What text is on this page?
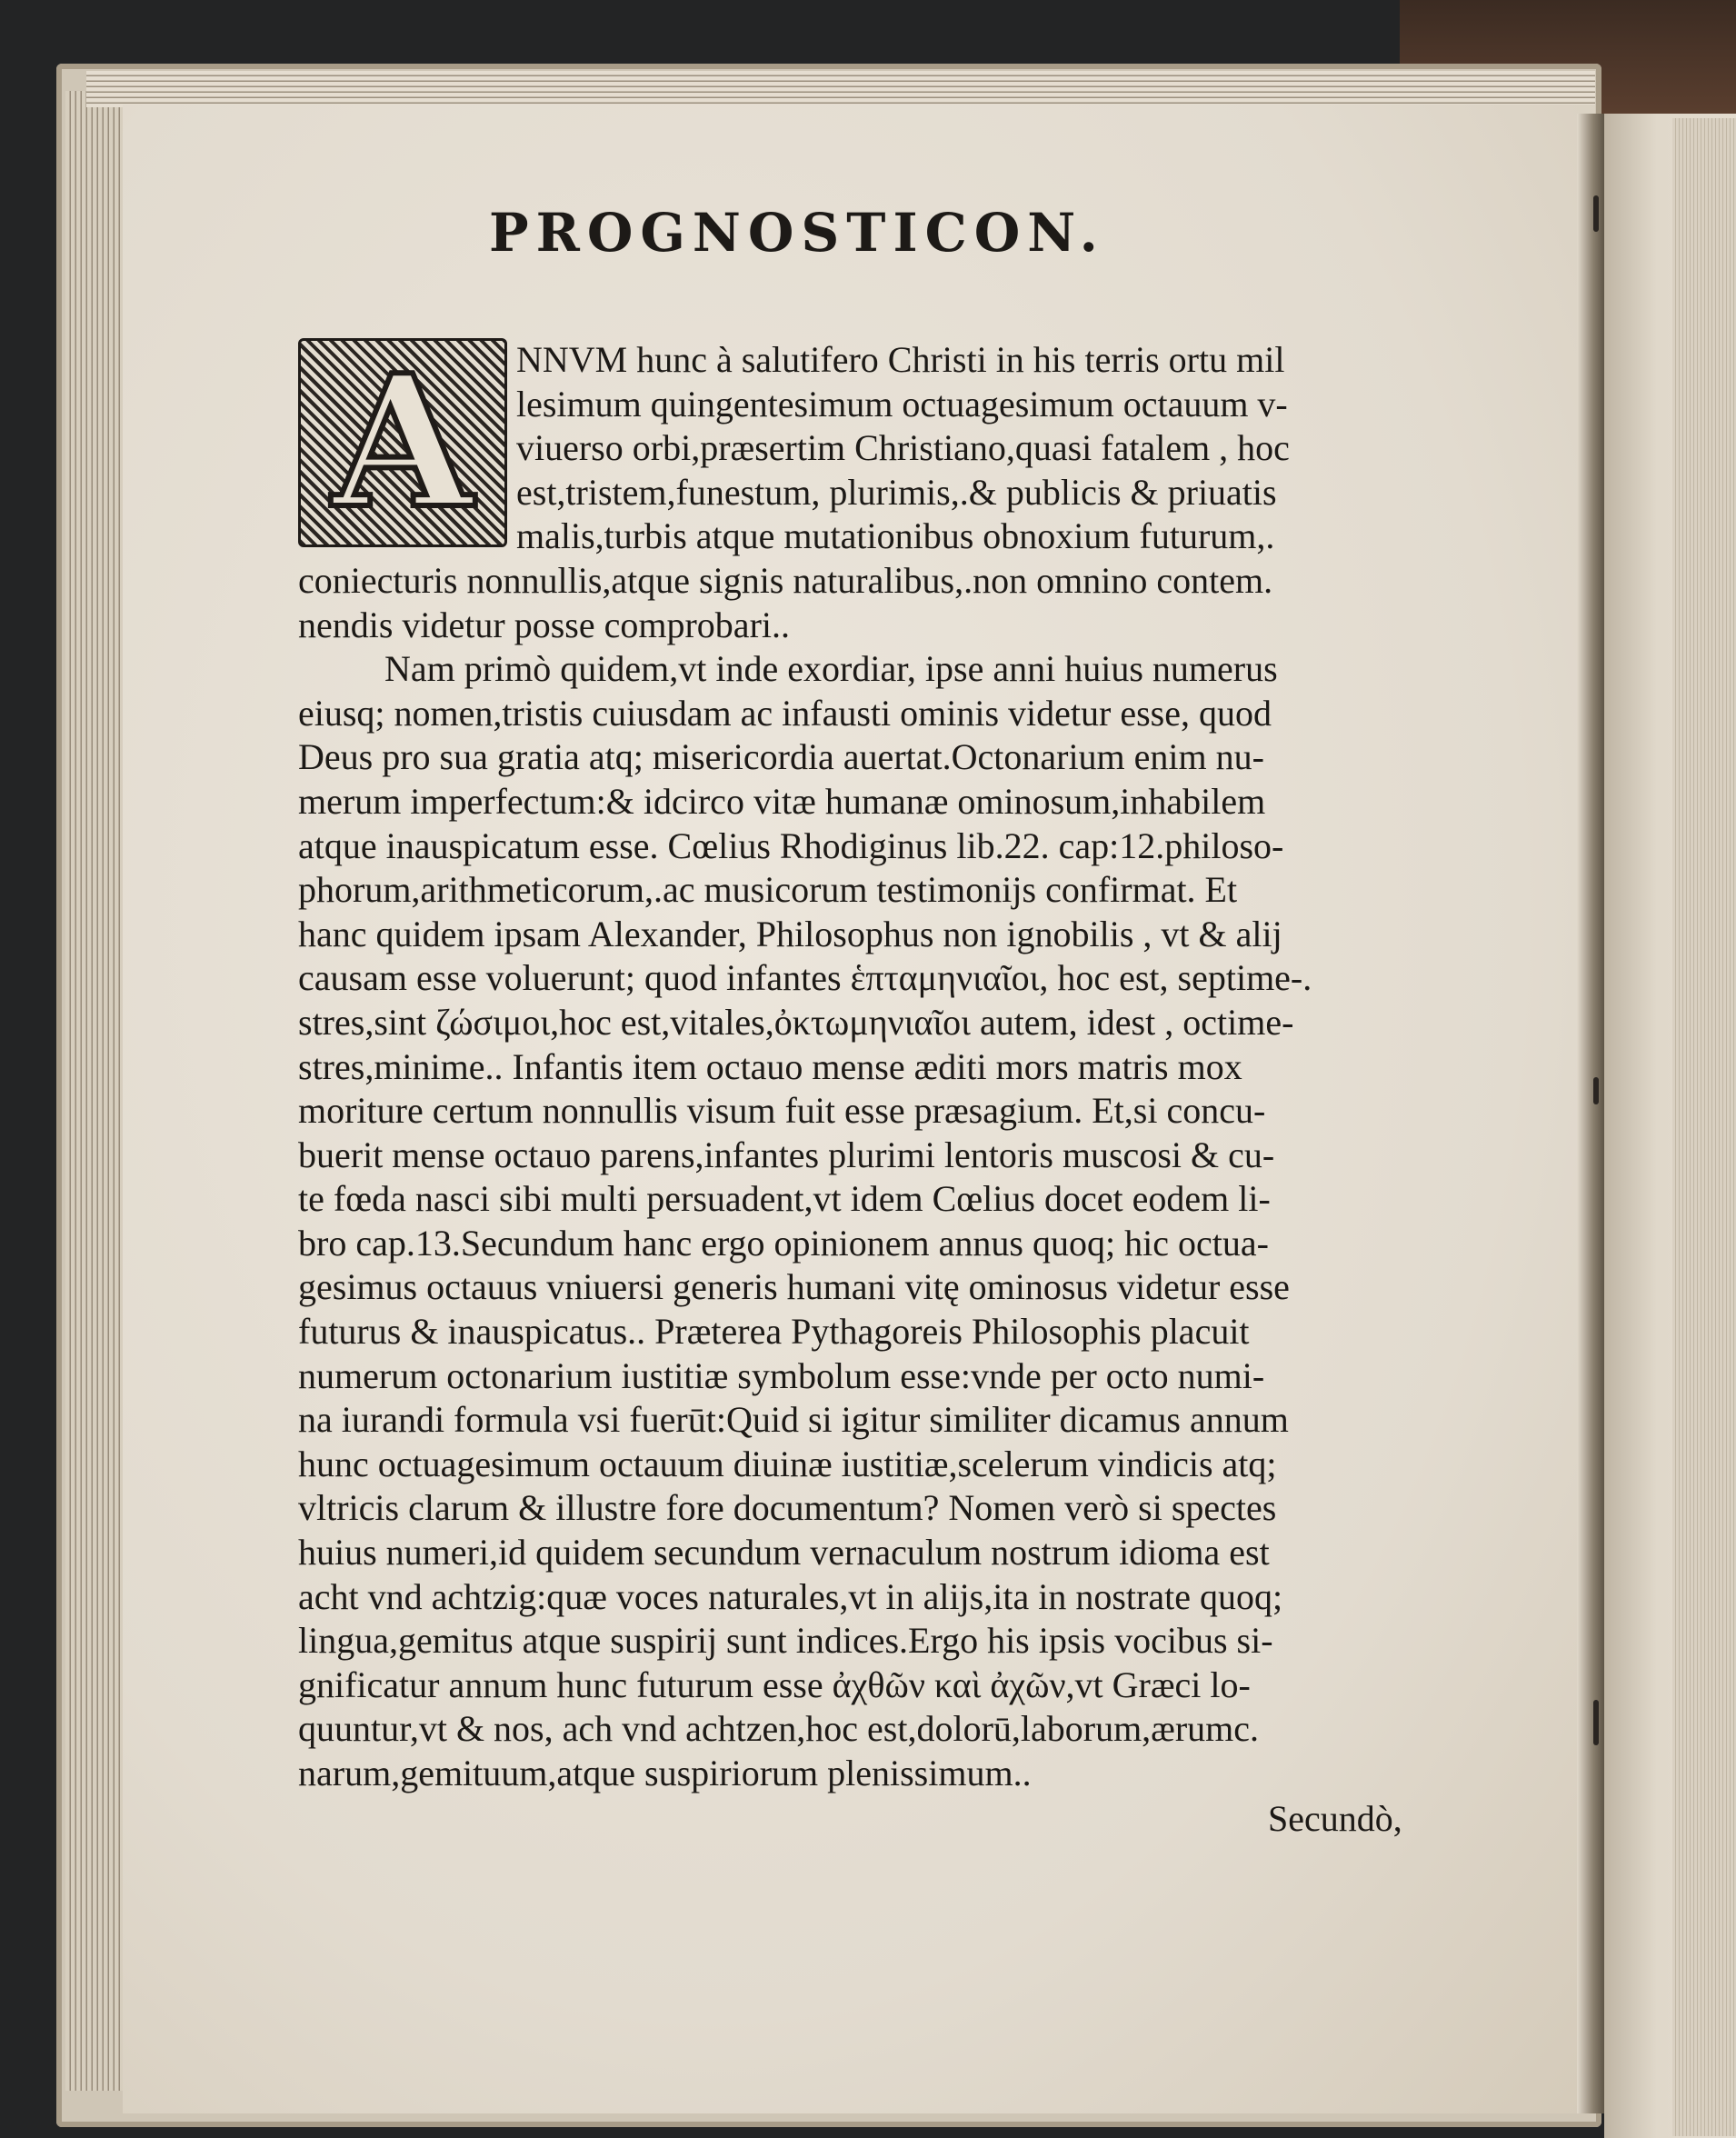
PROGNOSTICON.
NNVM hunc à salutifero Christi in his terris ortu mil
lesimum quingentesimum octuagesimum octauum v-
viuerso orbi,præsertim Christiano,quasi fatalem , hoc
est,tristem,funestum, plurimis,.& publicis & priuatis
malis,turbis atque mutationibus obnoxium futurum,.
coniecturis nonnullis,atque signis naturalibus,.non omnino contem.
nendis videtur posse comprobari..
Nam primò quidem,vt inde exordiar, ipse anni huius numerus
eiusq; nomen,tristis cuiusdam ac infausti ominis videtur esse, quod
Deus pro sua gratia atq; misericordia auertat.Octonarium enim nu-
merum imperfectum:& idcirco vitæ humanæ ominosum,inhabilem
atque inauspicatum esse. Cœlius Rhodiginus lib.22. cap:12.philoso-
phorum,arithmeticorum,.ac musicorum testimonijs confirmat. Et
hanc quidem ipsam Alexander, Philosophus non ignobilis , vt & alij
causam esse voluerunt; quod infantes ἑπταμηνιαῖοι, hoc est, septime-.
stres,sint ζώσιμοι,hoc est,vitales,ὀκτωμηνιαῖοι autem, idest , octime-
stres,minime.. Infantis item octauo mense æditi mors matris mox
moriture certum nonnullis visum fuit esse præsagium. Et,si concu-
buerit mense octauo parens,infantes plurimi lentoris muscosi & cu-
te fœda nasci sibi multi persuadent,vt idem Cœlius docet eodem li-
bro cap.13.Secundum hanc ergo opinionem annus quoq; hic octua-
gesimus octauus vniuersi generis humani vitę ominosus videtur esse
futurus & inauspicatus.. Præterea Pythagoreis Philosophis placuit
numerum octonarium iustitiæ symbolum esse:vnde per octo numi-
na iurandi formula vsi fuerūt:Quid si igitur similiter dicamus annum
hunc octuagesimum octauum diuinæ iustitiæ,scelerum vindicis atq;
vltricis clarum & illustre fore documentum? Nomen verò si spectes
huius numeri,id quidem secundum vernaculum nostrum idioma est
acht vnd achtzig:quæ voces naturales,vt in alijs,ita in nostrate quoq;
lingua,gemitus atque suspirij sunt indices.Ergo his ipsis vocibus si-
gnificatur annum hunc futurum esse ἀχθῶν καὶ ἀχῶν,vt Græci lo-
quuntur,vt & nos, ach vnd achtzen,hoc est,dolorū,laborum,ærumc.
narum,gemituum,atque suspiriorum plenissimum..
A
Secundò,
